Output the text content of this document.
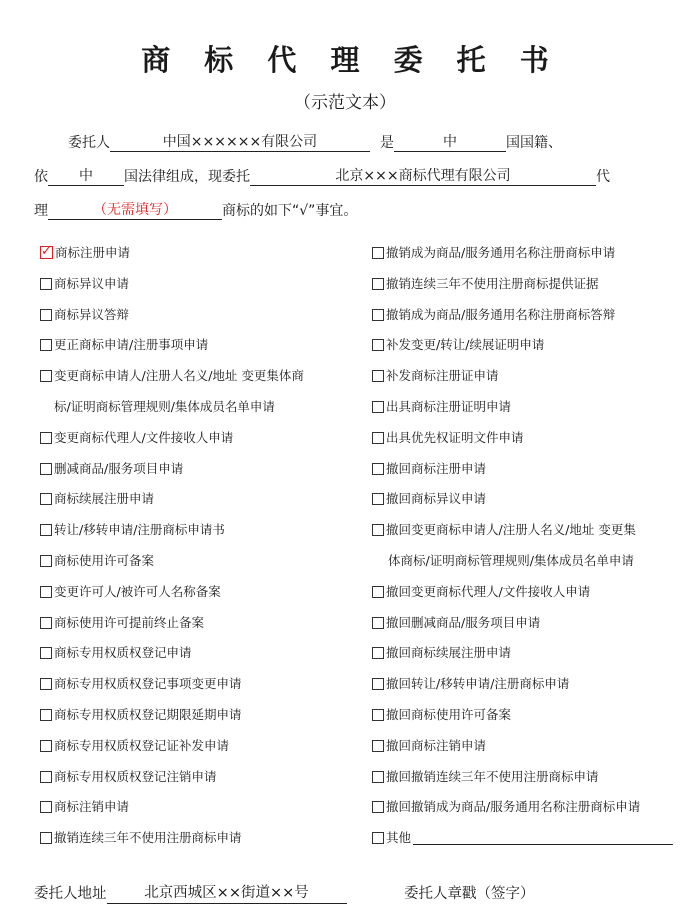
商 标 代 理 委 托 书
（示范文本）
委托人	中国××××××有限公司	是	中	国国籍、
依 中 国法律组成，现委托	北京×××商标代理有限公司	代
理	（无需填写）	商标的如下“√”事宜。
✓
商标注册申请
商标异议申请
商标异议答辩
更正商标申请/注册事项申请
变更商标申请人/注册人名义/地址 变更集体商
标/证明商标管理规则/集体成员名单申请
变更商标代理人/文件接收人申请
删减商品/服务项目申请
商标续展注册申请
转让/移转申请/注册商标申请书
商标使用许可备案
变更许可人/被许可人名称备案
商标使用许可提前终止备案
商标专用权质权登记申请
商标专用权质权登记事项变更申请
商标专用权质权登记期限延期申请
商标专用权质权登记证补发申请
商标专用权质权登记注销申请
商标注销申请
撤销连续三年不使用注册商标申请
撤销成为商品/服务通用名称注册商标申请
撤销连续三年不使用注册商标提供证据
撤销成为商品/服务通用名称注册商标答辩
补发变更/转让/续展证明申请
补发商标注册证申请
出具商标注册证明申请
出具优先权证明文件申请
撤回商标注册申请
撤回商标异议申请
撤回变更商标申请人/注册人名义/地址 变更集
体商标/证明商标管理规则/集体成员名单申请
撤回变更商标代理人/文件接收人申请
撤回删减商品/服务项目申请
撤回商标续展注册申请
撤回转让/移转申请/注册商标申请
撤回商标使用许可备案
撤回商标注销申请
撤回撤销连续三年不使用注册商标申请
撤回撤销成为商品/服务通用名称注册商标申请
其他
委托人地址	北京西城区××街道××号	委托人章戳（签字）
